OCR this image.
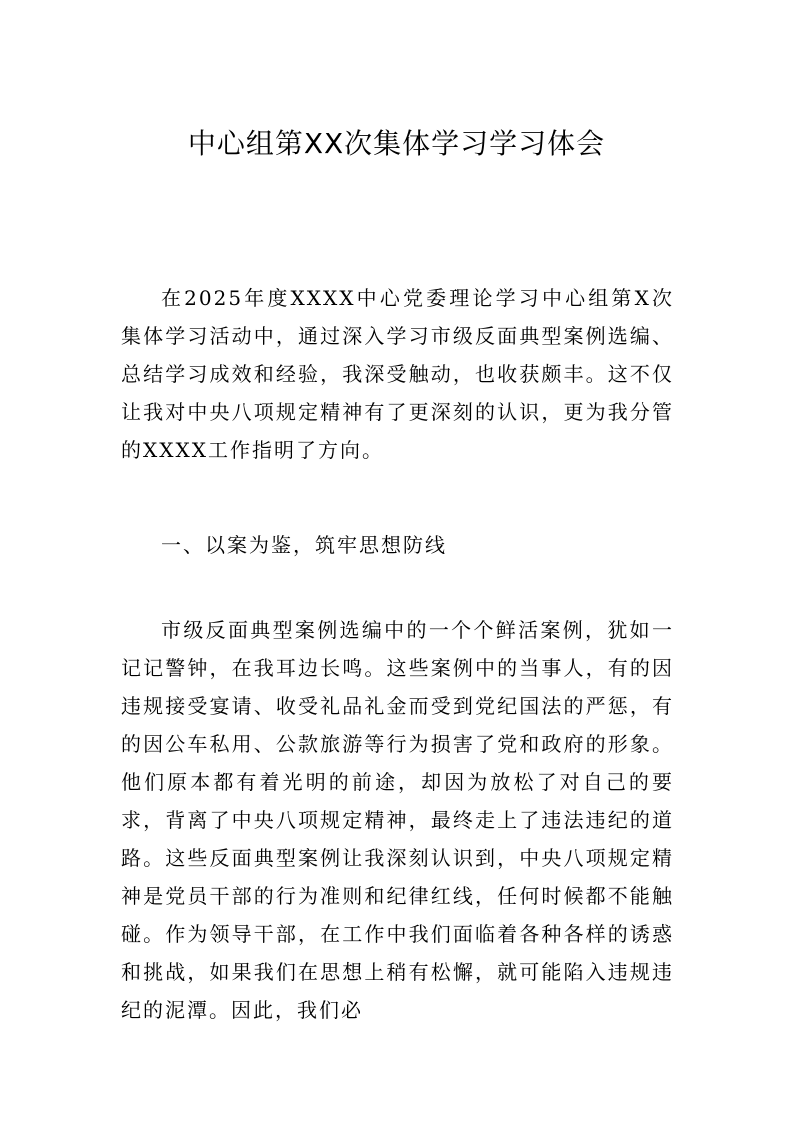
中心组第XX次集体学习学习体会

在2025年度XXXX中心党委理论学习中心组第X次集体学习活动中，通过深入学习市级反面典型案例选编、总结学习成效和经验，我深受触动，也收获颇丰。这不仅让我对中央八项规定精神有了更深刻的认识，更为我分管的XXXX工作指明了方向。

一、以案为鉴，筑牢思想防线

市级反面典型案例选编中的一个个鲜活案例，犹如一记记警钟，在我耳边长鸣。这些案例中的当事人，有的因违规接受宴请、收受礼品礼金而受到党纪国法的严惩，有的因公车私用、公款旅游等行为损害了党和政府的形象。他们原本都有着光明的前途，却因为放松了对自己的要求，背离了中央八项规定精神，最终走上了违法违纪的道路。这些反面典型案例让我深刻认识到，中央八项规定精神是党员干部的行为准则和纪律红线，任何时候都不能触碰。作为领导干部，在工作中我们面临着各种各样的诱惑和挑战，如果我们在思想上稍有松懈，就可能陷入违规违纪的泥潭。因此，我们必
